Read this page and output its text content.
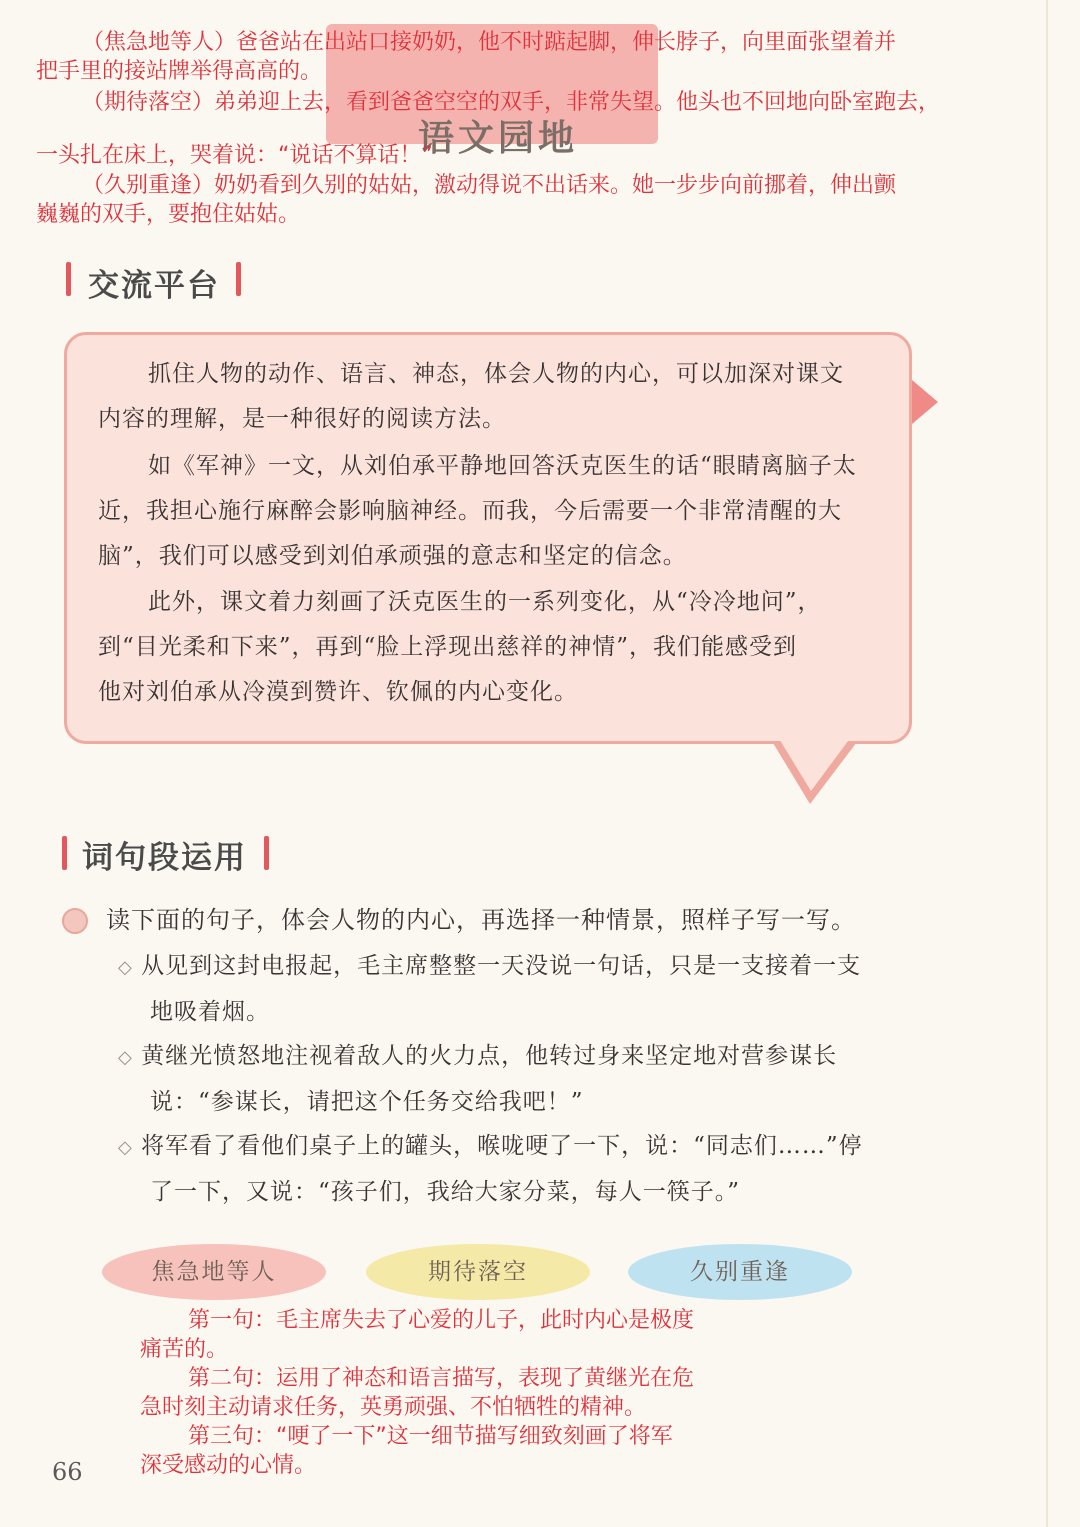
语文园地
（焦急地等人）爸爸站在出站口接奶奶，他不时踮起脚，伸长脖子，向里面张望着并
把手里的接站牌举得高高的。
（期待落空）弟弟迎上去，看到爸爸空空的双手，非常失望。他头也不回地向卧室跑去，
一头扎在床上，哭着说：“说话不算话！”
（久别重逢）奶奶看到久别的姑姑，激动得说不出话来。她一步步向前挪着，伸出颤
巍巍的双手，要抱住姑姑。
交流平台
抓住人物的动作、语言、神态，体会人物的内心，可以加深对课文
内容的理解，是一种很好的阅读方法。
如《军神》一文，从刘伯承平静地回答沃克医生的话“眼睛离脑子太
近，我担心施行麻醉会影响脑神经。而我，今后需要一个非常清醒的大
脑”，我们可以感受到刘伯承顽强的意志和坚定的信念。
此外，课文着力刻画了沃克医生的一系列变化，从“冷冷地问”，
到“目光柔和下来”，再到“脸上浮现出慈祥的神情”，我们能感受到
他对刘伯承从冷漠到赞许、钦佩的内心变化。
词句段运用
读下面的句子，体会人物的内心，再选择一种情景，照样子写一写。
◇ 从见到这封电报起，毛主席整整一天没说一句话，只是一支接着一支
地吸着烟。
◇ 黄继光愤怒地注视着敌人的火力点，他转过身来坚定地对营参谋长
说：“参谋长，请把这个任务交给我吧！”
◇ 将军看了看他们桌子上的罐头，喉咙哽了一下，说：“同志们……”停
了一下，又说：“孩子们，我给大家分菜，每人一筷子。”
焦急地等人	期待落空	久别重逢
第一句：毛主席失去了心爱的儿子，此时内心是极度
痛苦的。
第二句：运用了神态和语言描写，表现了黄继光在危
急时刻主动请求任务，英勇顽强、不怕牺牲的精神。
第三句：“哽了一下”这一细节描写细致刻画了将军
深受感动的心情。
66
